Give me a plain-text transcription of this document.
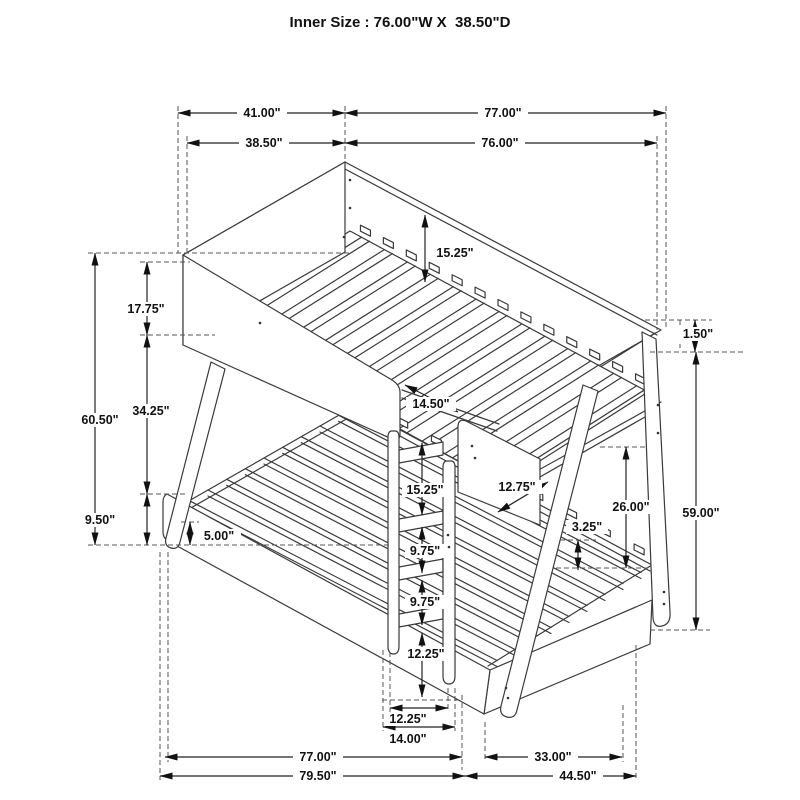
Inner Size : 76.00"W X  38.50"D
41.00"	77.00"
38.50"	76.00"
60.50"
17.75"
34.25"
9.50"
5.00"
15.25"
14.50"
15.25"
9.75"
9.75"
12.25"
12.75"
3.25"
26.00"
1.50"
59.00"
12.25"
14.00"
77.00"	33.00"
79.50"	44.50"
